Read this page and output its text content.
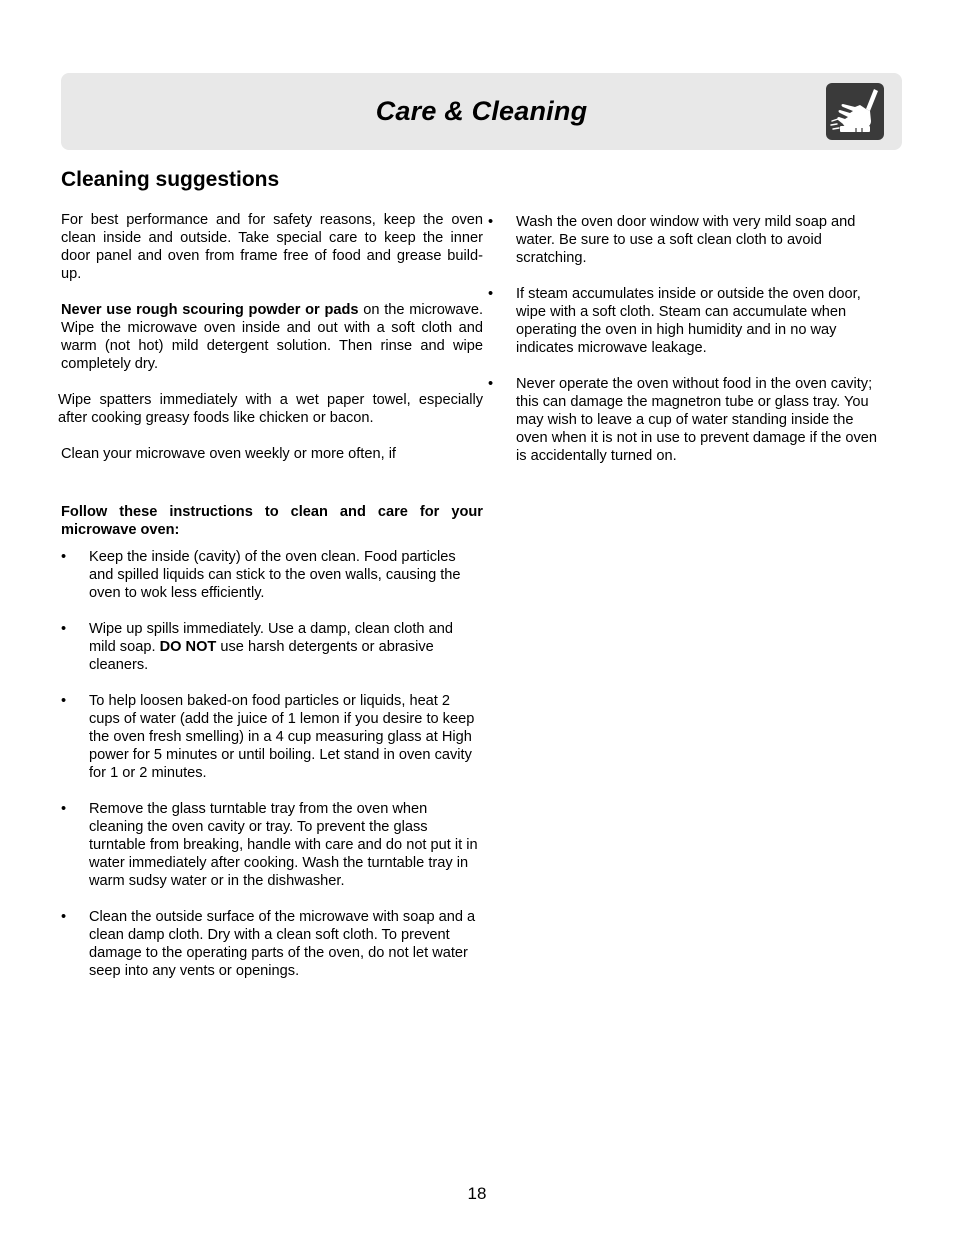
Care & Cleaning
Cleaning suggestions

For best performance and for safety reasons, keep the oven clean inside and outside. Take special care to keep the inner door panel and oven from frame free of food and grease build-up.

Never use rough scouring powder or pads on the microwave. Wipe the microwave oven inside and out with a soft cloth and warm (not hot) mild detergent solution. Then rinse and wipe completely dry.

Wipe spatters immediately with a wet paper towel, especially after cooking greasy foods like chicken or bacon.

Clean your microwave oven weekly or more often, if

Follow these instructions to clean and care for your microwave oven:

• Keep the inside (cavity) of the oven clean. Food particles and spilled liquids can stick to the oven walls, causing the oven to wok less efficiently.
• Wipe up spills immediately. Use a damp, clean cloth and mild soap. DO NOT use harsh detergents or abrasive cleaners.
• To help loosen baked-on food particles or liquids, heat 2 cups of water (add the juice of 1 lemon if you desire to keep the oven fresh smelling) in a 4 cup measuring glass at High power for 5 minutes or until boiling. Let stand in oven cavity for 1 or 2 minutes.
• Remove the glass turntable tray from the oven when cleaning the oven cavity or tray. To prevent the glass turntable from breaking, handle with care and do not put it in water immediately after cooking. Wash the turntable tray in warm sudsy water or in the dishwasher.
• Clean the outside surface of the microwave with soap and a clean damp cloth. Dry with a clean soft cloth. To prevent damage to the operating parts of the oven, do not let water seep into any vents or openings.
• Wash the oven door window with very mild soap and water. Be sure to use a soft clean cloth to avoid scratching.
• If steam accumulates inside or outside the oven door, wipe with a soft cloth. Steam can accumulate when operating the oven in high humidity and in no way indicates microwave leakage.
• Never operate the oven without food in the oven cavity; this can damage the magnetron tube or glass tray. You may wish to leave a cup of water standing inside the oven when it is not in use to prevent damage if the oven is accidentally turned on.
18
